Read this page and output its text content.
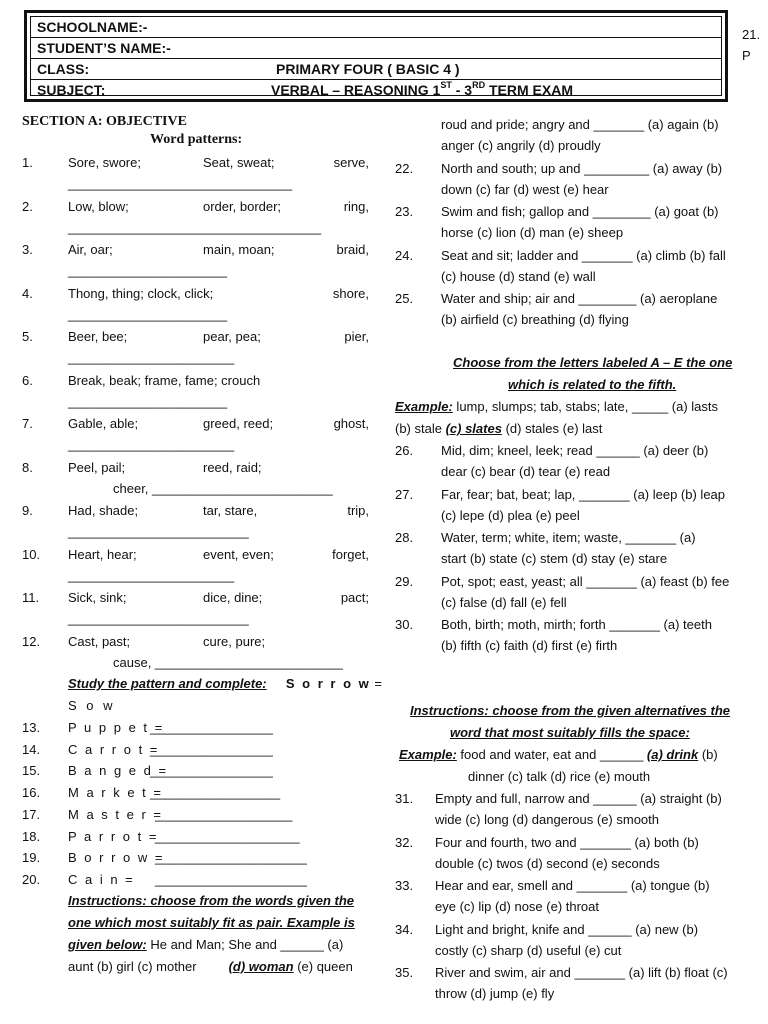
SCHOOLNAME:-
STUDENT’S NAME:-
CLASS:	PRIMARY FOUR ( BASIC 4 )
SUBJECT:	VERBAL – REASONING 1ST - 3RD TERM EXAM
21.
P
SECTION A: OBJECTIVE
Word patterns:
1.	Sore, swore;	Seat, sweat;	serve,
_______________________________
2.	Low, blow;	order, border;	ring,
___________________________________
3.	Air, oar;	main, moan;	braid,
______________________
4.	Thong, thing; clock, click;	shore,
______________________
5.	Beer, bee;	pear, pea;	pier,
_______________________
6.	Break, beak; frame, fame; crouch
______________________
7.	Gable, able;	greed, reed;	ghost,
_______________________
8.	Peel, pail;	reed, raid;
cheer, _________________________
9.	Had, shade;	tar, stare,	trip,
_________________________
10. Heart, hear;	event, even;	forget,
_______________________
11. Sick, sink;	dice, dine;	pact;
_________________________
12. Cast, past;	cure, pure;
cause, __________________________
Study the pattern and complete: S o r r o w =
S o w
13. P u p p e t =
_________________
14. C a r r o t =
_________________
15. B a n g e d =
_________________
16. M a r k e t =
__________________
17. M a s t e r =
___________________
18. P a r r o t =
____________________
19. B o r r o w =
_____________________
20. C a i n = _____________________
Instructions: choose from the words given the
one which most suitably fit as pair. Example is
given below: He and Man; She and ______ (a)
aunt (b) girl (c) mother (d) woman (e) queen
roud and pride; angry and _______ (a) again (b)
anger (c) angrily (d) proudly
22. North and south; up and _________ (a) away (b)
down (c) far (d) west (e) hear
23. Swim and fish; gallop and ________ (a) goat (b)
horse (c) lion (d) man (e) sheep
24. Seat and sit; ladder and _______ (a) climb (b) fall
(c) house (d) stand (e) wall
25. Water and ship; air and ________ (a) aeroplane
(b) airfield (c) breathing (d) flying
Choose from the letters labeled A – E the one
which is related to the fifth.
Example: lump, slumps; tab, stabs; late, _____ (a) lasts
(b) stale (c) slates (d) stales (e) last
26. Mid, dim; kneel, leek; read ______ (a) deer (b)
dear (c) bear (d) tear (e) read
27. Far, fear; bat, beat; lap, _______ (a) leep (b) leap
(c) lepe (d) plea (e) peel
28. Water, term; white, item; waste, _______ (a)
start (b) state (c) stem (d) stay (e) stare
29. Pot, spot; east, yeast; all _______ (a) feast (b) fee
(c) false (d) fall (e) fell
30. Both, birth; moth, mirth; forth _______ (a) teeth
(b) fifth (c) faith (d) first (e) firth
Instructions: choose from the given alternatives the
word that most suitably fills the space:
Example: food and water, eat and ______ (a) drink (b)
dinner (c) talk (d) rice (e) mouth
31. Empty and full, narrow and ______ (a) straight (b)
wide (c) long (d) dangerous (e) smooth
32. Four and fourth, two and _______ (a) both (b)
double (c) twos (d) second (e) seconds
33. Hear and ear, smell and _______ (a) tongue (b)
eye (c) lip (d) nose (e) throat
34. Light and bright, knife and ______ (a) new (b)
costly (c) sharp (d) useful (e) cut
35. River and swim, air and _______ (a) lift (b) float (c)
throw (d) jump (e) fly
